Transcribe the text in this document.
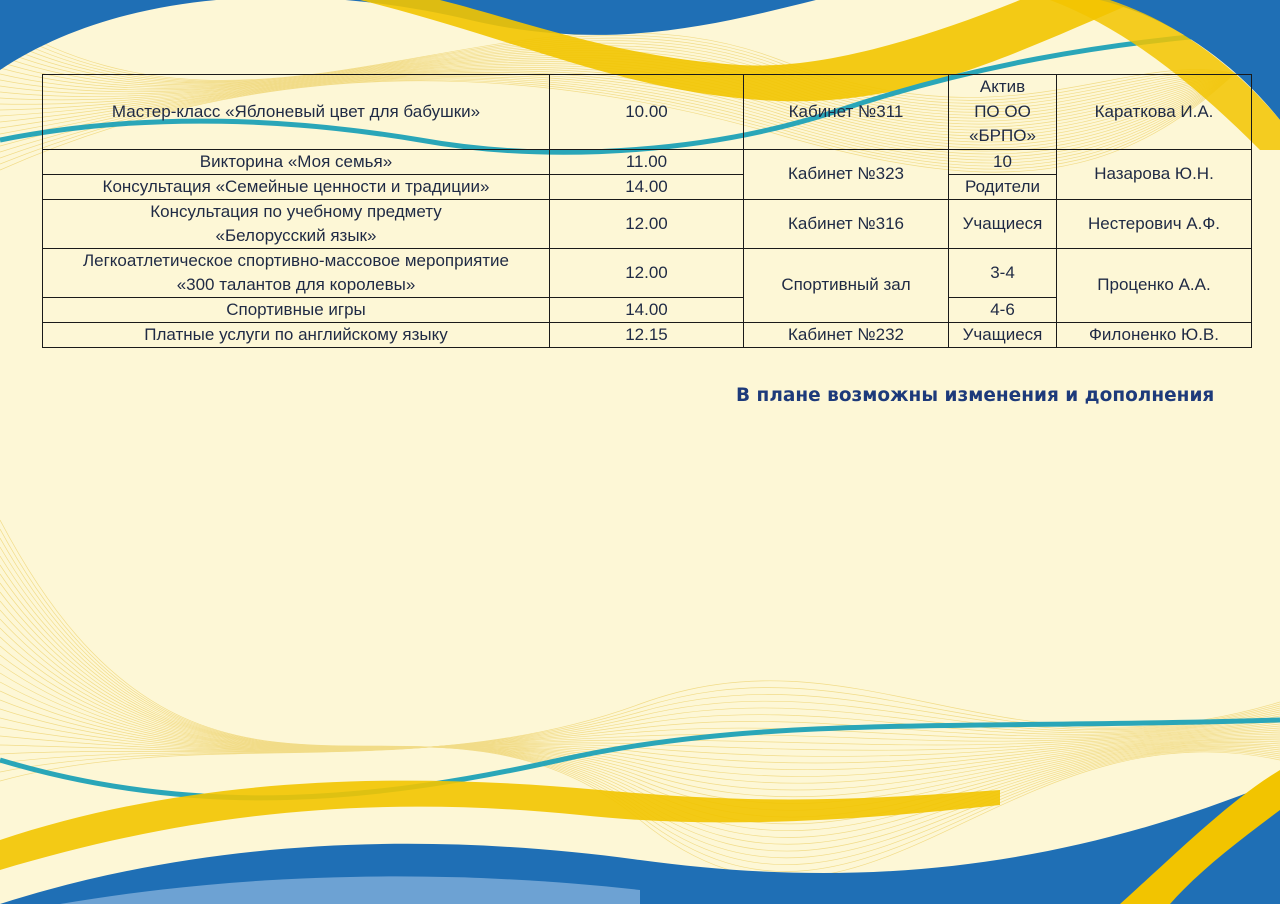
Мастер-класс «Яблоневый цвет для бабушки»	10.00	Кабинет №311	Актив
ПО ОО
«БРПО»	Караткова И.А.
Викторина «Моя семья»	11.00	Кабинет №323	10	Назарова Ю.Н.
Консультация «Семейные ценности и традиции»	14.00		Родители	
Консультация по учебному предмету
«Белорусский язык»	12.00	Кабинет №316	Учащиеся	Нестерович А.Ф.
Легкоатлетическое спортивно-массовое мероприятие
«300 талантов для королевы»	12.00	Спортивный зал	3-4	Проценко А.А.
Спортивные игры	14.00		4-6	
Платные услуги по английскому языку	12.15	Кабинет №232	Учащиеся	Филоненко Ю.В.
В плане возможны изменения и дополнения
